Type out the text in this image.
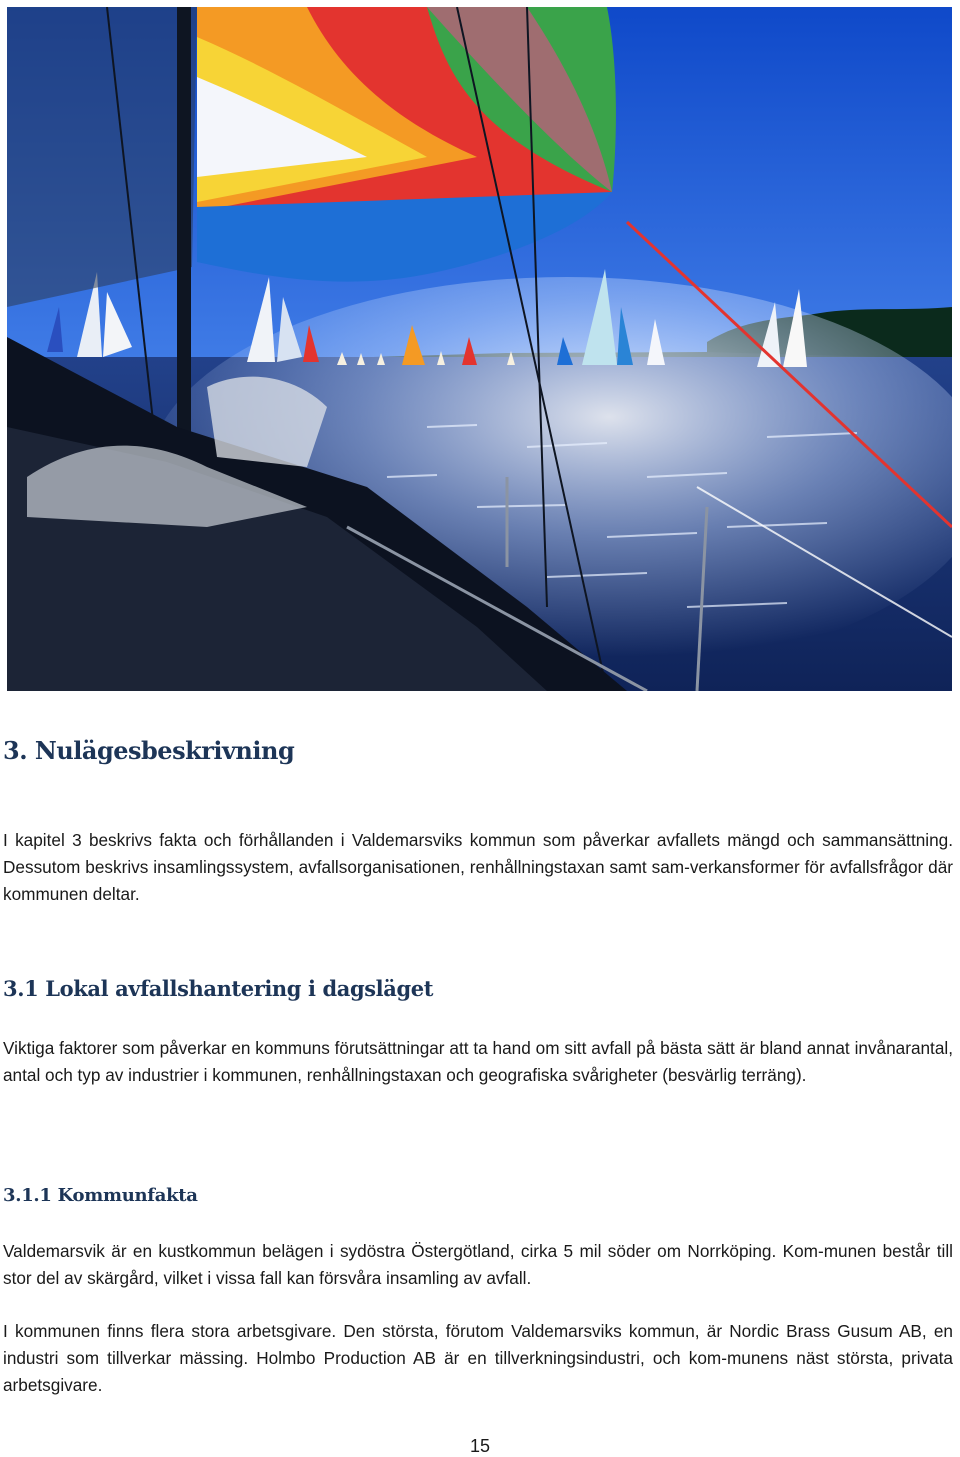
3. Nulägesbeskrivning

I kapitel 3 beskrivs fakta och förhållanden i Valdemarsviks kommun som påverkar avfallets mängd och sammansättning. Dessutom beskrivs insamlingssystem, avfallsorganisationen, renhållningstaxan samt sam-verkansformer för avfallsfrågor där kommunen deltar.

3.1 Lokal avfallshantering i dagsläget

Viktiga faktorer som påverkar en kommuns förutsättningar att ta hand om sitt avfall på bästa sätt är bland annat invånarantal, antal och typ av industrier i kommunen, renhållningstaxan och geografiska svårigheter (besvärlig terräng).

3.1.1 Kommunfakta

Valdemarsvik är en kustkommun belägen i sydöstra Östergötland, cirka 5 mil söder om Norrköping. Kom-munen består till stor del av skärgård, vilket i vissa fall kan försvåra insamling av avfall.

I kommunen finns flera stora arbetsgivare. Den största, förutom Valdemarsviks kommun, är Nordic Brass Gusum AB, en industri som tillverkar mässing. Holmbo Production AB är en tillverkningsindustri, och kom-munens näst största, privata arbetsgivare.

15
